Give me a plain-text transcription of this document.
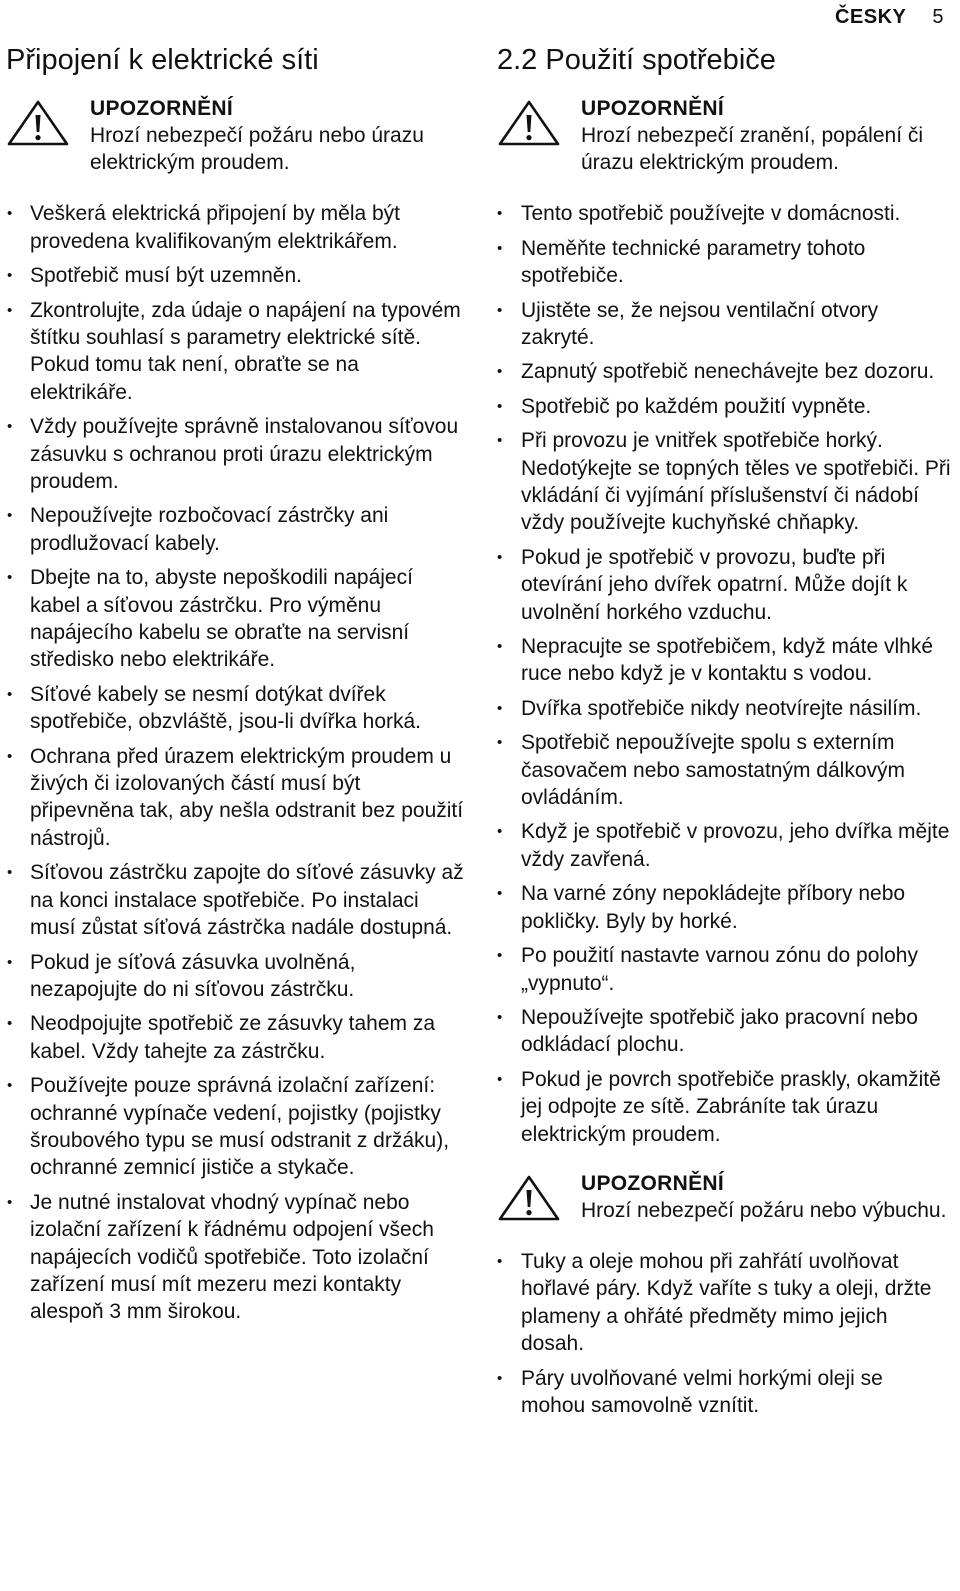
ČESKY 5
Připojení k elektrické síti
UPOZORNĚNÍ
Hrozí nebezpečí požáru nebo úrazu elektrickým proudem.
• Veškerá elektrická připojení by měla být provedena kvalifikovaným elektrikářem.
• Spotřebič musí být uzemněn.
• Zkontrolujte, zda údaje o napájení na typovém štítku souhlasí s parametry elektrické sítě. Pokud tomu tak není, obraťte se na elektrikáře.
• Vždy používejte správně instalovanou síťovou zásuvku s ochranou proti úrazu elektrickým proudem.
• Nepoužívejte rozbočovací zástrčky ani prodlužovací kabely.
• Dbejte na to, abyste nepoškodili napájecí kabel a síťovou zástrčku. Pro výměnu napájecího kabelu se obraťte na servisní středisko nebo elektrikáře.
• Síťové kabely se nesmí dotýkat dvířek spotřebiče, obzvláště, jsou-li dvířka horká.
• Ochrana před úrazem elektrickým proudem u živých či izolovaných částí musí být připevněna tak, aby nešla odstranit bez použití nástrojů.
• Síťovou zástrčku zapojte do síťové zásuvky až na konci instalace spotřebiče. Po instalaci musí zůstat síťová zástrčka nadále dostupná.
• Pokud je síťová zásuvka uvolněná, nezapojujte do ni síťovou zástrčku.
• Neodpojujte spotřebič ze zásuvky tahem za kabel. Vždy tahejte za zástrčku.
• Používejte pouze správná izolační zařízení: ochranné vypínače vedení, pojistky (pojistky šroubového typu se musí odstranit z držáku), ochranné zemnicí jističe a stykače.
• Je nutné instalovat vhodný vypínač nebo izolační zařízení k řádnému odpojení všech napájecích vodičů spotřebiče. Toto izolační zařízení musí mít mezeru mezi kontakty alespoň 3 mm širokou.
2.2 Použití spotřebiče
UPOZORNĚNÍ
Hrozí nebezpečí zranění, popálení či úrazu elektrickým proudem.
• Tento spotřebič používejte v domácnosti.
• Neměňte technické parametry tohoto spotřebiče.
• Ujistěte se, že nejsou ventilační otvory zakryté.
• Zapnutý spotřebič nenechávejte bez dozoru.
• Spotřebič po každém použití vypněte.
• Při provozu je vnitřek spotřebiče horký. Nedotýkejte se topných těles ve spotřebiči. Při vkládání či vyjímání příslušenství či nádobí vždy používejte kuchyňské chňapky.
• Pokud je spotřebič v provozu, buďte při otevírání jeho dvířek opatrní. Může dojít k uvolnění horkého vzduchu.
• Nepracujte se spotřebičem, když máte vlhké ruce nebo když je v kontaktu s vodou.
• Dvířka spotřebiče nikdy neotvírejte násilím.
• Spotřebič nepoužívejte spolu s externím časovačem nebo samostatným dálkovým ovládáním.
• Když je spotřebič v provozu, jeho dvířka mějte vždy zavřená.
• Na varné zóny nepokládejte příbory nebo pokličky. Byly by horké.
• Po použití nastavte varnou zónu do polohy „vypnuto“.
• Nepoužívejte spotřebič jako pracovní nebo odkládací plochu.
• Pokud je povrch spotřebiče praskly, okamžitě jej odpojte ze sítě. Zabráníte tak úrazu elektrickým proudem.
UPOZORNĚNÍ
Hrozí nebezpečí požáru nebo výbuchu.
• Tuky a oleje mohou při zahřátí uvolňovat hořlavé páry. Když vaříte s tuky a oleji, držte plameny a ohřáté předměty mimo jejich dosah.
• Páry uvolňované velmi horkými oleji se mohou samovolně vznítit.
